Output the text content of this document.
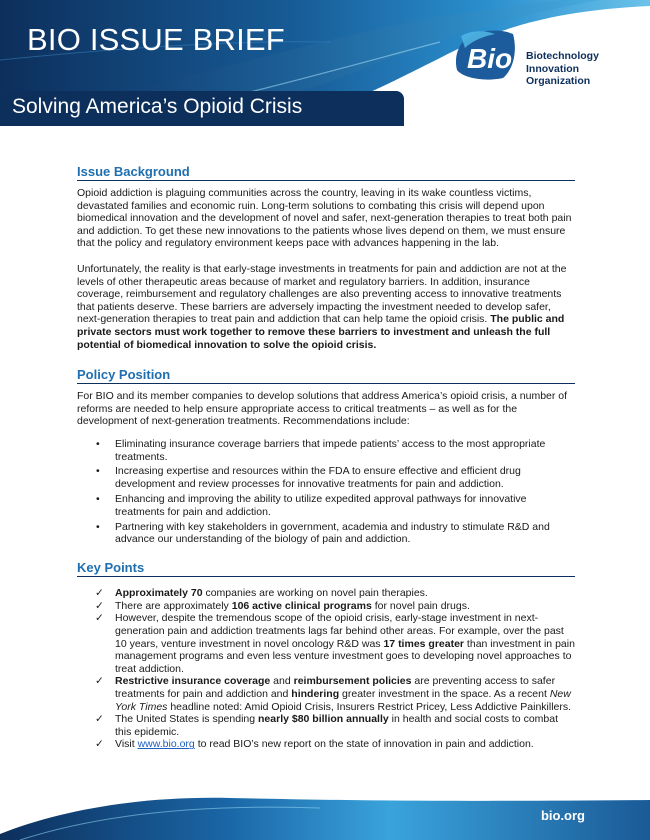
BIO ISSUE BRIEF
Solving America’s Opioid Crisis
Bio Biotechnology
Innovation
Organization
Issue Background

Opioid addiction is plaguing communities across the country, leaving in its wake countless victims, devastated families and economic ruin. Long-term solutions to combating this crisis will depend upon biomedical innovation and the development of novel and safer, next-generation therapies to treat both pain and addiction. To get these new innovations to the patients whose lives depend on them, we must ensure that the policy and regulatory environment keeps pace with advances happening in the lab.

Unfortunately, the reality is that early-stage investments in treatments for pain and addiction are not at the levels of other therapeutic areas because of market and regulatory barriers. In addition, insurance coverage, reimbursement and regulatory challenges are also preventing access to innovative treatments that patients deserve. These barriers are adversely impacting the investment needed to develop safer, next-generation therapies to treat pain and addiction that can help tame the opioid crisis. The public and private sectors must work together to remove these barriers to investment and unleash the full potential of biomedical innovation to solve the opioid crisis.

Policy Position

For BIO and its member companies to develop solutions that address America’s opioid crisis, a number of reforms are needed to help ensure appropriate access to critical treatments – as well as for the development of next-generation treatments. Recommendations include:

• Eliminating insurance coverage barriers that impede patients’ access to the most appropriate treatments.
• Increasing expertise and resources within the FDA to ensure effective and efficient drug development and review processes for innovative treatments for pain and addiction.
• Enhancing and improving the ability to utilize expedited approval pathways for innovative treatments for pain and addiction.
• Partnering with key stakeholders in government, academia and industry to stimulate R&D and advance our understanding of the biology of pain and addiction.
Key Points
✓ Approximately 70 companies are working on novel pain therapies.
✓ There are approximately 106 active clinical programs for novel pain drugs.
✓ However, despite the tremendous scope of the opioid crisis, early-stage investment in next-generation pain and addiction treatments lags far behind other areas. For example, over the past 10 years, venture investment in novel oncology R&D was 17 times greater than investment in pain management programs and even less venture investment goes to developing novel approaches to treat addiction.
✓ Restrictive insurance coverage and reimbursement policies are preventing access to safer treatments for pain and addiction and hindering greater investment in the space. As a recent New York Times headline noted: Amid Opioid Crisis, Insurers Restrict Pricey, Less Addictive Painkillers.
✓ The United States is spending nearly $80 billion annually in health and social costs to combat this epidemic.
✓ Visit www.bio.org to read BIO’s new report on the state of innovation in pain and addiction.
bio.org
